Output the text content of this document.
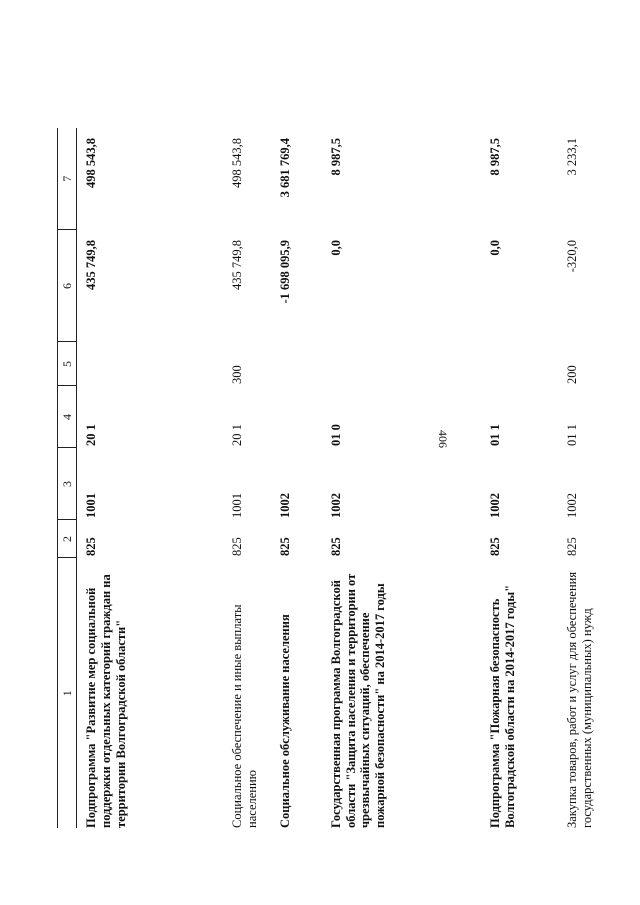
406
1	2	3	4	5	6	7
Подпрограмма "Развитие мер социальной поддержки отдельных категорий граждан на территории Волгоградской области"	825	1001	20 1		435 749,8	498 543,8
Социальное обеспечение и иные выплаты населению	825	1001	20 1	300	435 749,8	498 543,8
Социальное обслуживание населения	825	1002			-1 698 095,9	3 681 769,4
Государственная программа Волгоградской области "Защита населения и территории от чрезвычайных ситуаций, обеспечение пожарной безопасности" на 2014-2017 годы	825	1002	01 0		0,0	8 987,5
Подпрограмма "Пожарная безопасность Волгоградской области на 2014-2017 годы"	825	1002	01 1		0,0	8 987,5
Закупка товаров, работ и услуг для обеспечения государственных (муниципальных) нужд	825	1002	01 1	200	-320,0	3 233,1
